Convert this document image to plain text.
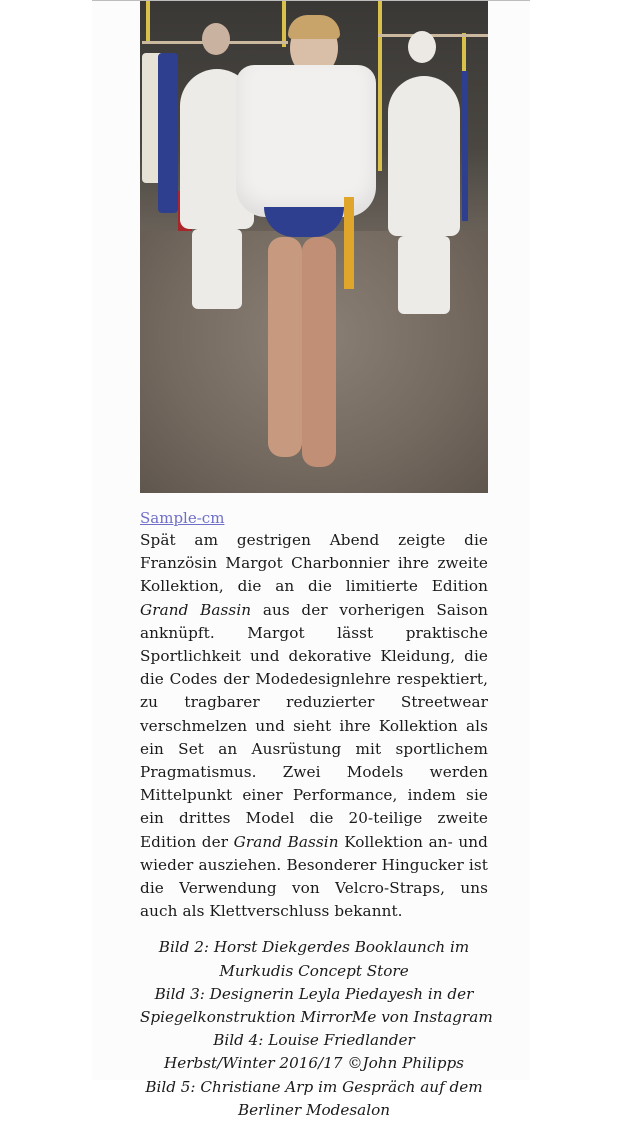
Sample-cm

Spät am gestrigen Abend zeigte die Französin Margot Charbonnier ihre zweite Kollektion, die an die limitierte Edition Grand Bassin aus der vorherigen Saison anknüpft. Margot lässt praktische Sportlichkeit und dekorative Kleidung, die die Codes der Modedesignlehre respektiert, zu tragbarer reduzierter Streetwear verschmelzen und sieht ihre Kollektion als ein Set an Ausrüstung mit sportlichem Pragmatismus. Zwei Models werden Mittelpunkt einer Performance, indem sie ein drittes Model die 20-teilige zweite Edition der Grand Bassin Kollektion an- und wieder ausziehen. Besonderer Hingucker ist die Verwendung von Velcro-Straps, uns auch als Klettverschluss bekannt.

Bild 2: Horst Diekgerdes Booklaunch im
Murkudis Concept Store
Bild 3: Designerin Leyla Piedayesh in der
Spiegelkonstruktion MirrorMe von Instagram
Bild 4: Louise Friedlander
Herbst/Winter 2016/17 ©John Philipps
Bild 5: Christiane Arp im Gespräch auf dem
Berliner Modesalon
